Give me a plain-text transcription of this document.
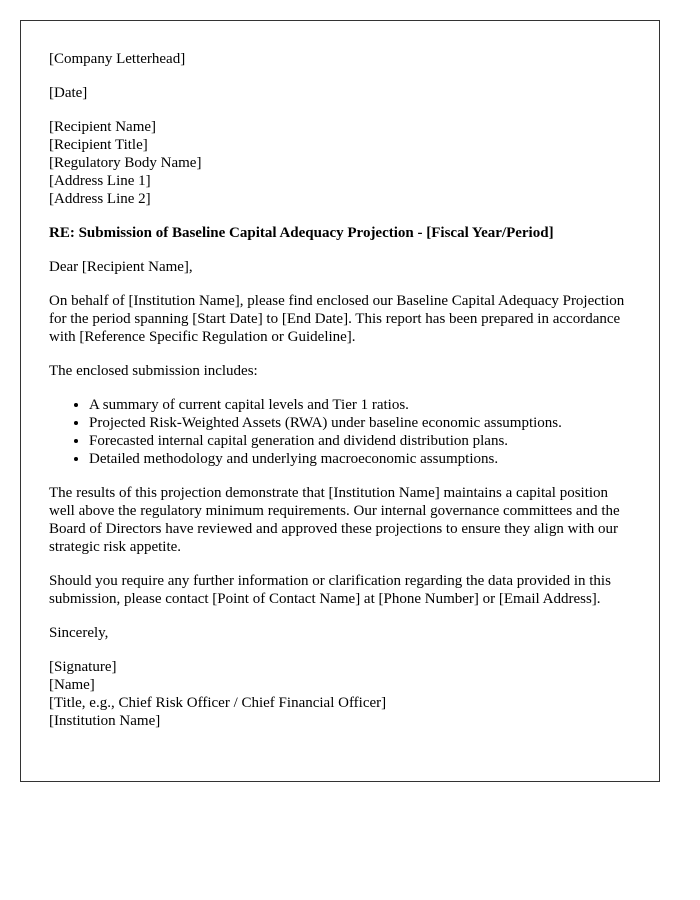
[Company Letterhead]

[Date]

[Recipient Name]
[Recipient Title]
[Regulatory Body Name]
[Address Line 1]
[Address Line 2]

RE: Submission of Baseline Capital Adequacy Projection - [Fiscal Year/Period]

Dear [Recipient Name],

On behalf of [Institution Name], please find enclosed our Baseline Capital Adequacy Projection for the period spanning [Start Date] to [End Date]. This report has been prepared in accordance with [Reference Specific Regulation or Guideline].

The enclosed submission includes:

• A summary of current capital levels and Tier 1 ratios.
• Projected Risk-Weighted Assets (RWA) under baseline economic assumptions.
• Forecasted internal capital generation and dividend distribution plans.
• Detailed methodology and underlying macroeconomic assumptions.

The results of this projection demonstrate that [Institution Name] maintains a capital position well above the regulatory minimum requirements. Our internal governance committees and the Board of Directors have reviewed and approved these projections to ensure they align with our strategic risk appetite.

Should you require any further information or clarification regarding the data provided in this submission, please contact [Point of Contact Name] at [Phone Number] or [Email Address].

Sincerely,

[Signature]
[Name]
[Title, e.g., Chief Risk Officer / Chief Financial Officer]
[Institution Name]
